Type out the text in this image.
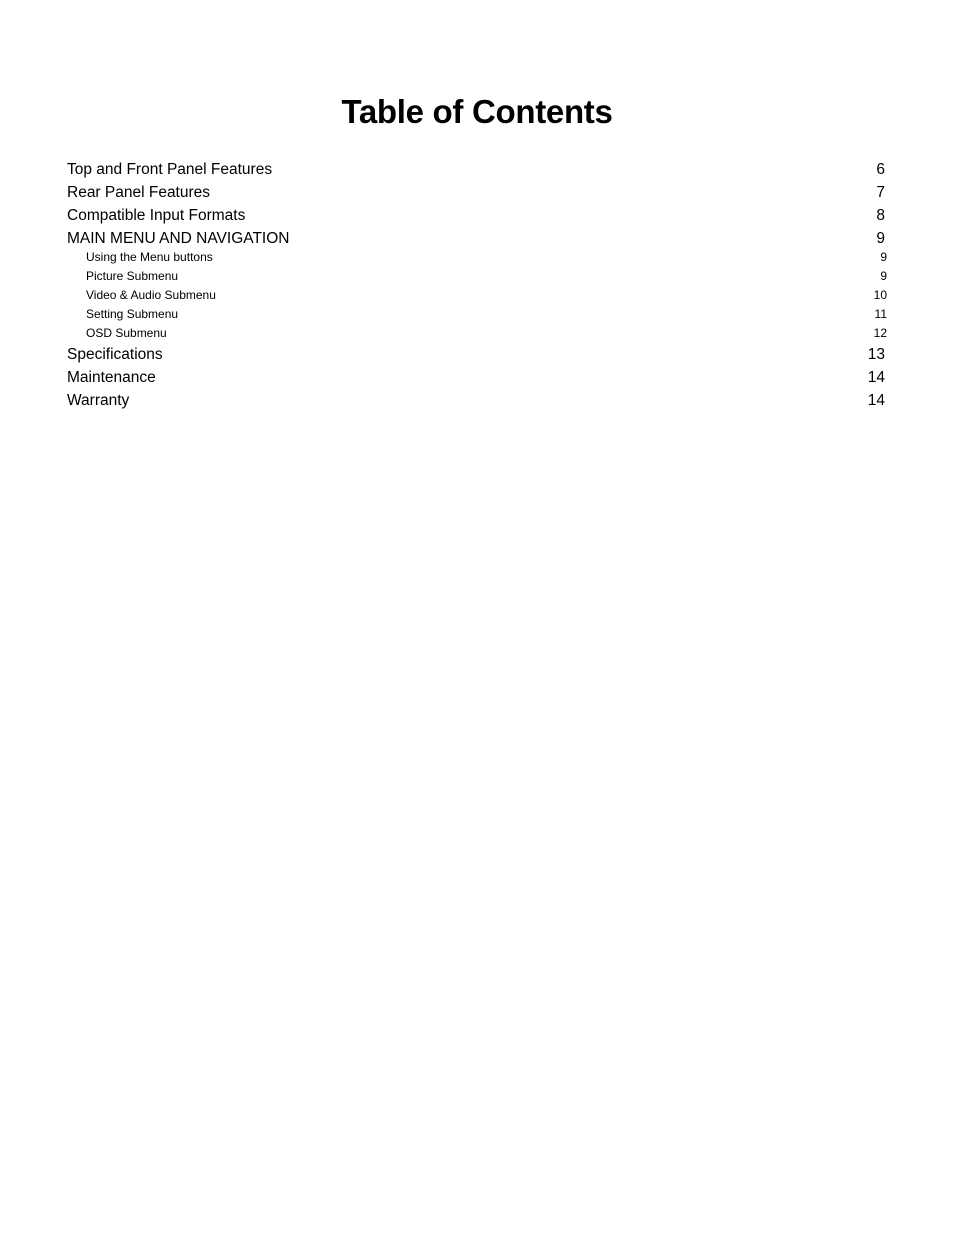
Table of Contents
Top and Front Panel Features	6
Rear Panel Features	7
Compatible Input Formats	8
MAIN MENU AND NAVIGATION	9
Using the Menu buttons	9
Picture Submenu	9
Video & Audio Submenu	10
Setting Submenu	11
OSD Submenu	12
Specifications	13
Maintenance	14
Warranty	14
